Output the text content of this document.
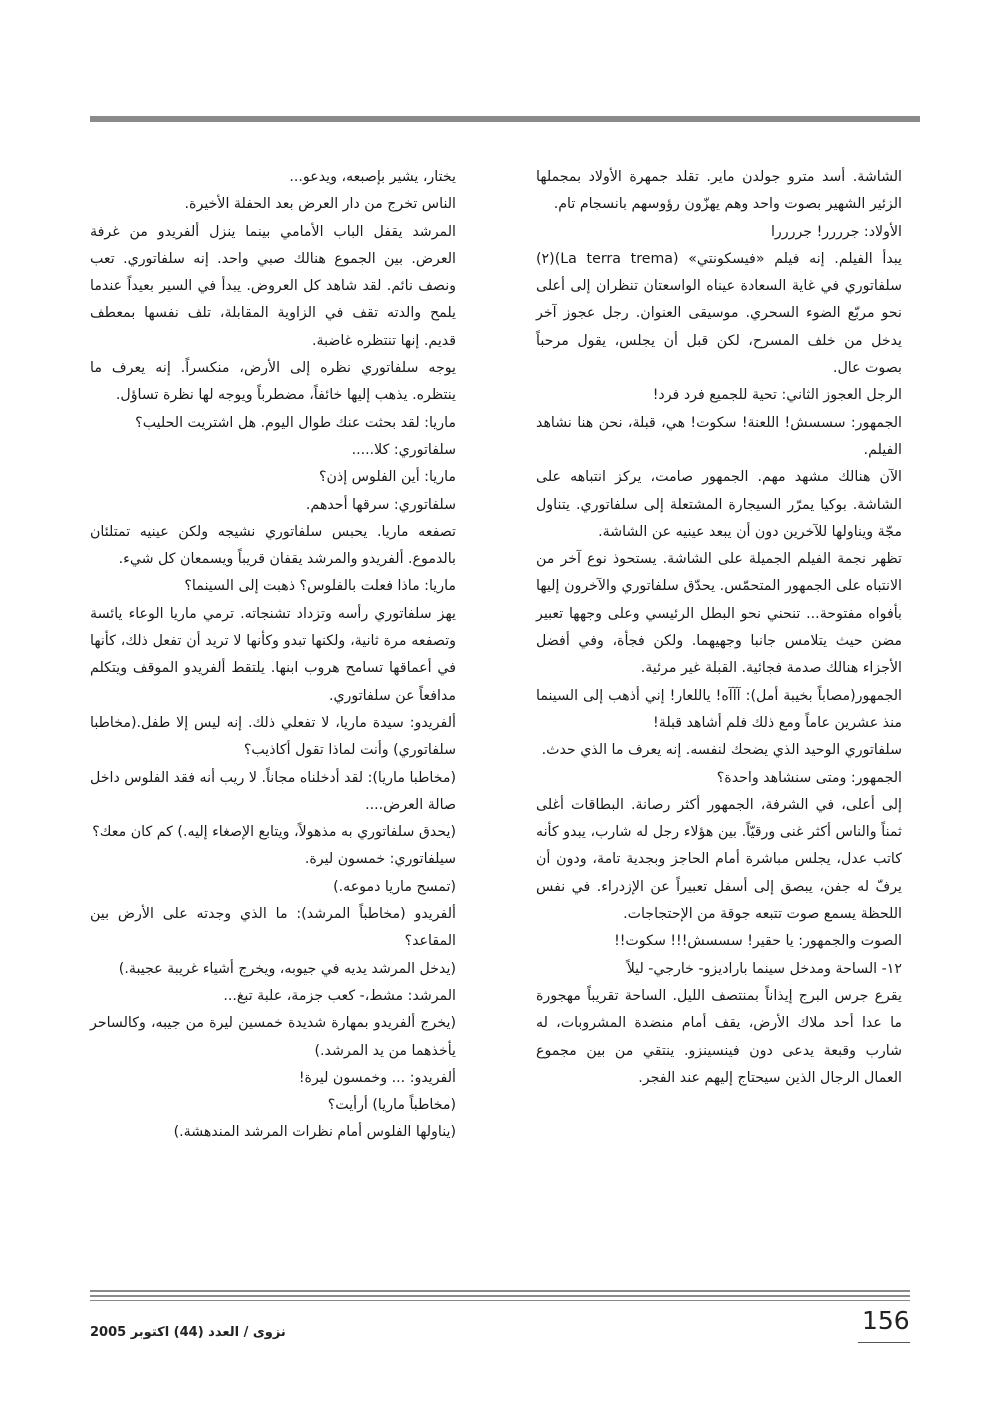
الشاشة. أسد مترو جولدن ماير. تقلد جمهرة الأولاد بمجملها الزئير الشهير بصوت واحد وهم يهزّون رؤوسهم بانسجام تام.

الأولاد: جرررر! جررررا

يبدأ الفيلم. إنه فيلم «فيسكونتي» (La terra trema)(٢) سلفاتوري في غاية السعادة عيناه الواسعتان تنظران إلى أعلى نحو مربّع الضوء السحري. موسيقى العنوان. رجل عجوز آخر يدخل من خلف المسرح، لكن قبل أن يجلس، يقول مرحباً بصوت عال.

الرجل العجوز الثاني: تحية للجميع فرد فرد!

الجمهور: سسسش! اللعنة! سكوت! هي، قبلة، نحن هنا نشاهد الفيلم.

الآن هنالك مشهد مهم. الجمهور صامت، يركز انتباهه على الشاشة. بوكيا يمرّر السيجارة المشتعلة إلى سلفاتوري. يتناول مجّة ويناولها للآخرين دون أن يبعد عينيه عن الشاشة.

تظهر نجمة الفيلم الجميلة على الشاشة. يستحوذ نوع آخر من الانتباه على الجمهور المتحمّس. يحدّق سلفاتوري والآخرون إليها بأفواه مفتوحة... تنحني نحو البطل الرئيسي وعلى وجهها تعبير مضن حيث يتلامس جانبا وجهيهما. ولكن فجأة، وفي أفضل الأجزاء هنالك صدمة فجائية. القبلة غير مرئية.

الجمهور(مصاباً بخيبة أمل): آآآه! ياللعار! إني أذهب إلى السينما منذ عشرين عاماً ومع ذلك فلم أشاهد قبلة!

سلفاتوري الوحيد الذي يضحك لنفسه. إنه يعرف ما الذي حدث.

الجمهور: ومتى سنشاهد واحدة؟

إلى أعلى، في الشرفة، الجمهور أكثر رصانة. البطاقات أغلى ثمناً والناس أكثر غنى ورقيّاً. بين هؤلاء رجل له شارب، يبدو كأنه كاتب عدل، يجلس مباشرة أمام الحاجز وبجدية تامة، ودون أن يرفّ له جفن، يبصق إلى أسفل تعبيراً عن الإزدراء. في نفس اللحظة يسمع صوت تتبعه جوقة من الإحتجاجات.

الصوت والجمهور: يا حقير! سسسش!!! سكوت!!

١٢- الساحة ومدخل سينما باراديزو- خارجي- ليلاً

يقرع جرس البرج إيذاناً بمنتصف الليل. الساحة تقريباً مهجورة ما عدا أحد ملاك الأرض، يقف أمام منضدة المشروبات، له شارب وقبعة يدعى دون فينسينزو. ينتقي من بين مجموع العمال الرجال الذين سيحتاج إليهم عند الفجر.

يختار، يشير بإصبعه، ويدعو...

الناس تخرج من دار العرض بعد الحفلة الأخيرة.

المرشد يقفل الباب الأمامي بينما ينزل ألفريدو من غرفة العرض. بين الجموع هنالك صبي واحد. إنه سلفاتوري. تعب ونصف نائم. لقد شاهد كل العروض. يبدأ في السير بعيداً عندما يلمح والدته تقف في الزاوية المقابلة، تلف نفسها بمعطف قديم. إنها تنتظره غاضبة.

يوجه سلفاتوري نظره إلى الأرض، منكسراً. إنه يعرف ما ينتظره. يذهب إليها خائفاً، مضطرباً ويوجه لها نظرة تساؤل.

ماريا: لقد بحثت عنك طوال اليوم. هل اشتريت الحليب؟

سلفاتوري: كلا.....

ماريا: أين الفلوس إذن؟

سلفاتوري: سرقها أحدهم.

تصفعه ماريا. يحبس سلفاتوري نشيجه ولكن عينيه تمتلئان بالدموع. ألفريدو والمرشد يقفان قريباً ويسمعان كل شيء.

ماريا: ماذا فعلت بالفلوس؟ ذهبت إلى السينما؟

يهز سلفاتوري رأسه وتزداد تشنجاته. ترمي ماريا الوعاء يائسة وتصفعه مرة ثانية، ولكنها تبدو وكأنها لا تريد أن تفعل ذلك، كأنها في أعماقها تسامح هروب ابنها. يلتقط ألفريدو الموقف ويتكلم مدافعاً عن سلفاتوري.

ألفريدو: سيدة ماريا، لا تفعلي ذلك. إنه ليس إلا طفل.(مخاطبا سلفاتوري) وأنت لماذا تقول أكاذيب؟

(مخاطبا ماريا): لقد أدخلناه مجاناً. لا ريب أنه فقد الفلوس داخل صالة العرض....

(يحدق سلفاتوري به مذهولاً، ويتابع الإصغاء إليه.) كم كان معك؟

سيلفاتوري: خمسون ليرة.

(تمسح ماريا دموعه.)

ألفريدو (مخاطباً المرشد): ما الذي وجدته على الأرض بين المقاعد؟

(يدخل المرشد يديه في جيوبه، ويخرج أشياء غريبة عجيبة.)

المرشد: مشط،- كعب جزمة، علبة تبغ...

(يخرج ألفريدو بمهارة شديدة خمسين ليرة من جيبه، وكالساحر يأخذهما من يد المرشد.)

ألفريدو: ... وخمسون ليرة!

(مخاطباً ماريا) أرأيت؟

(يناولها الفلوس أمام نظرات المرشد المندهشة.)

156
نزوى / العدد (44) اكتوبر 2005
